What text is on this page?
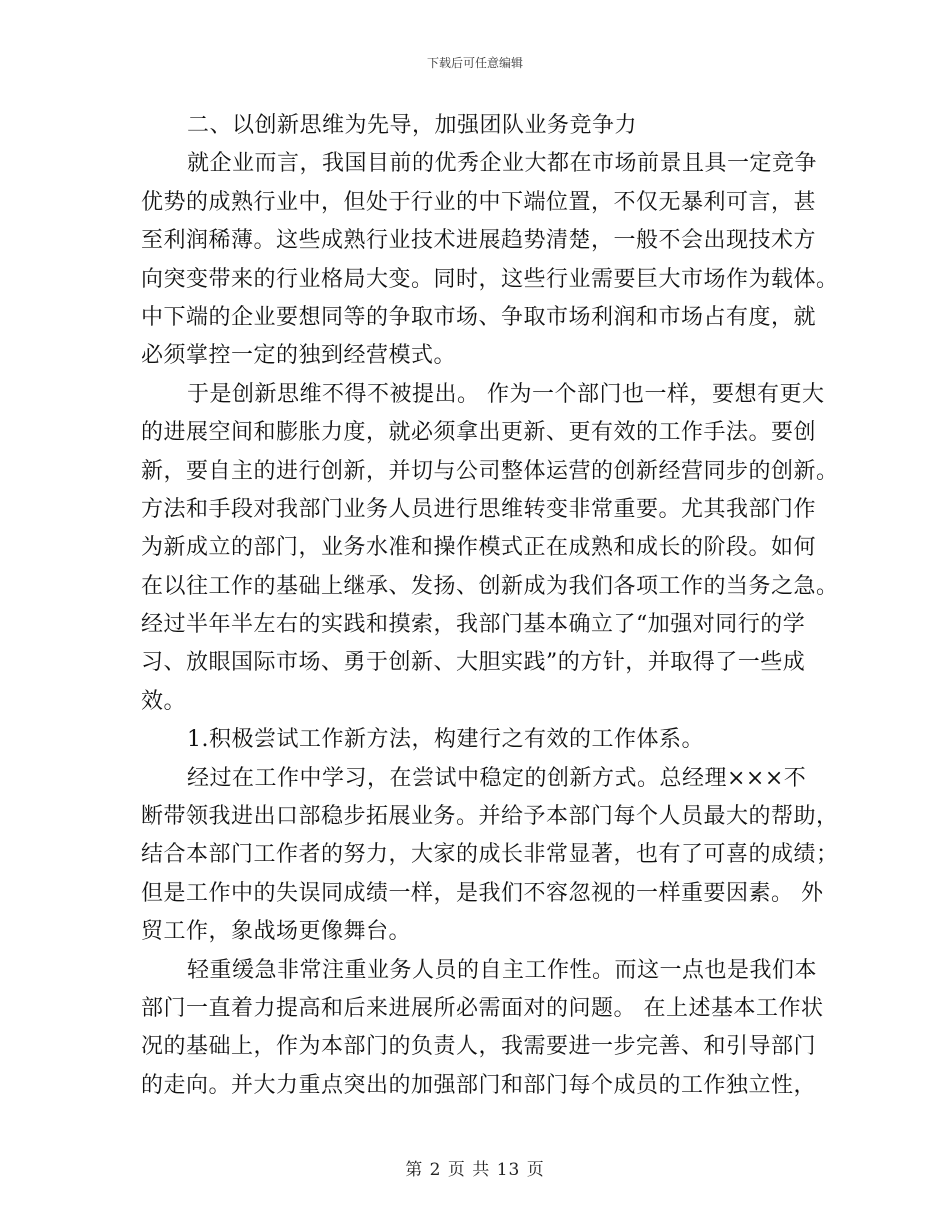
下载后可任意编辑
二、以创新思维为先导，加强团队业务竞争力
就企业而言，我国目前的优秀企业大都在市场前景且具一定竞争
优势的成熟行业中，但处于行业的中下端位置，不仅无暴利可言，甚
至利润稀薄。这些成熟行业技术进展趋势清楚，一般不会出现技术方
向突变带来的行业格局大变。同时，这些行业需要巨大市场作为载体。
中下端的企业要想同等的争取市场、争取市场利润和市场占有度，就
必须掌控一定的独到经营模式。
于是创新思维不得不被提出。 作为一个部门也一样，要想有更大
的进展空间和膨胀力度，就必须拿出更新、更有效的工作手法。要创
新，要自主的进行创新，并切与公司整体运营的创新经营同步的创新。
方法和手段对我部门业务人员进行思维转变非常重要。尤其我部门作
为新成立的部门，业务水准和操作模式正在成熟和成长的阶段。如何
在以往工作的基础上继承、发扬、创新成为我们各项工作的当务之急。
经过半年半左右的实践和摸索，我部门基本确立了“加强对同行的学
习、放眼国际市场、勇于创新、大胆实践”的方针，并取得了一些成
效。
1.积极尝试工作新方法，构建行之有效的工作体系。
经过在工作中学习，在尝试中稳定的创新方式。总经理×××不
断带领我进出口部稳步拓展业务。并给予本部门每个人员最大的帮助，
结合本部门工作者的努力，大家的成长非常显著，也有了可喜的成绩；
但是工作中的失误同成绩一样，是我们不容忽视的一样重要因素。 外
贸工作，象战场更像舞台。
轻重缓急非常注重业务人员的自主工作性。而这一点也是我们本
部门一直着力提高和后来进展所必需面对的问题。 在上述基本工作状
况的基础上，作为本部门的负责人，我需要进一步完善、和引导部门
的走向。并大力重点突出的加强部门和部门每个成员的工作独立性，
第 2 页 共 13 页
